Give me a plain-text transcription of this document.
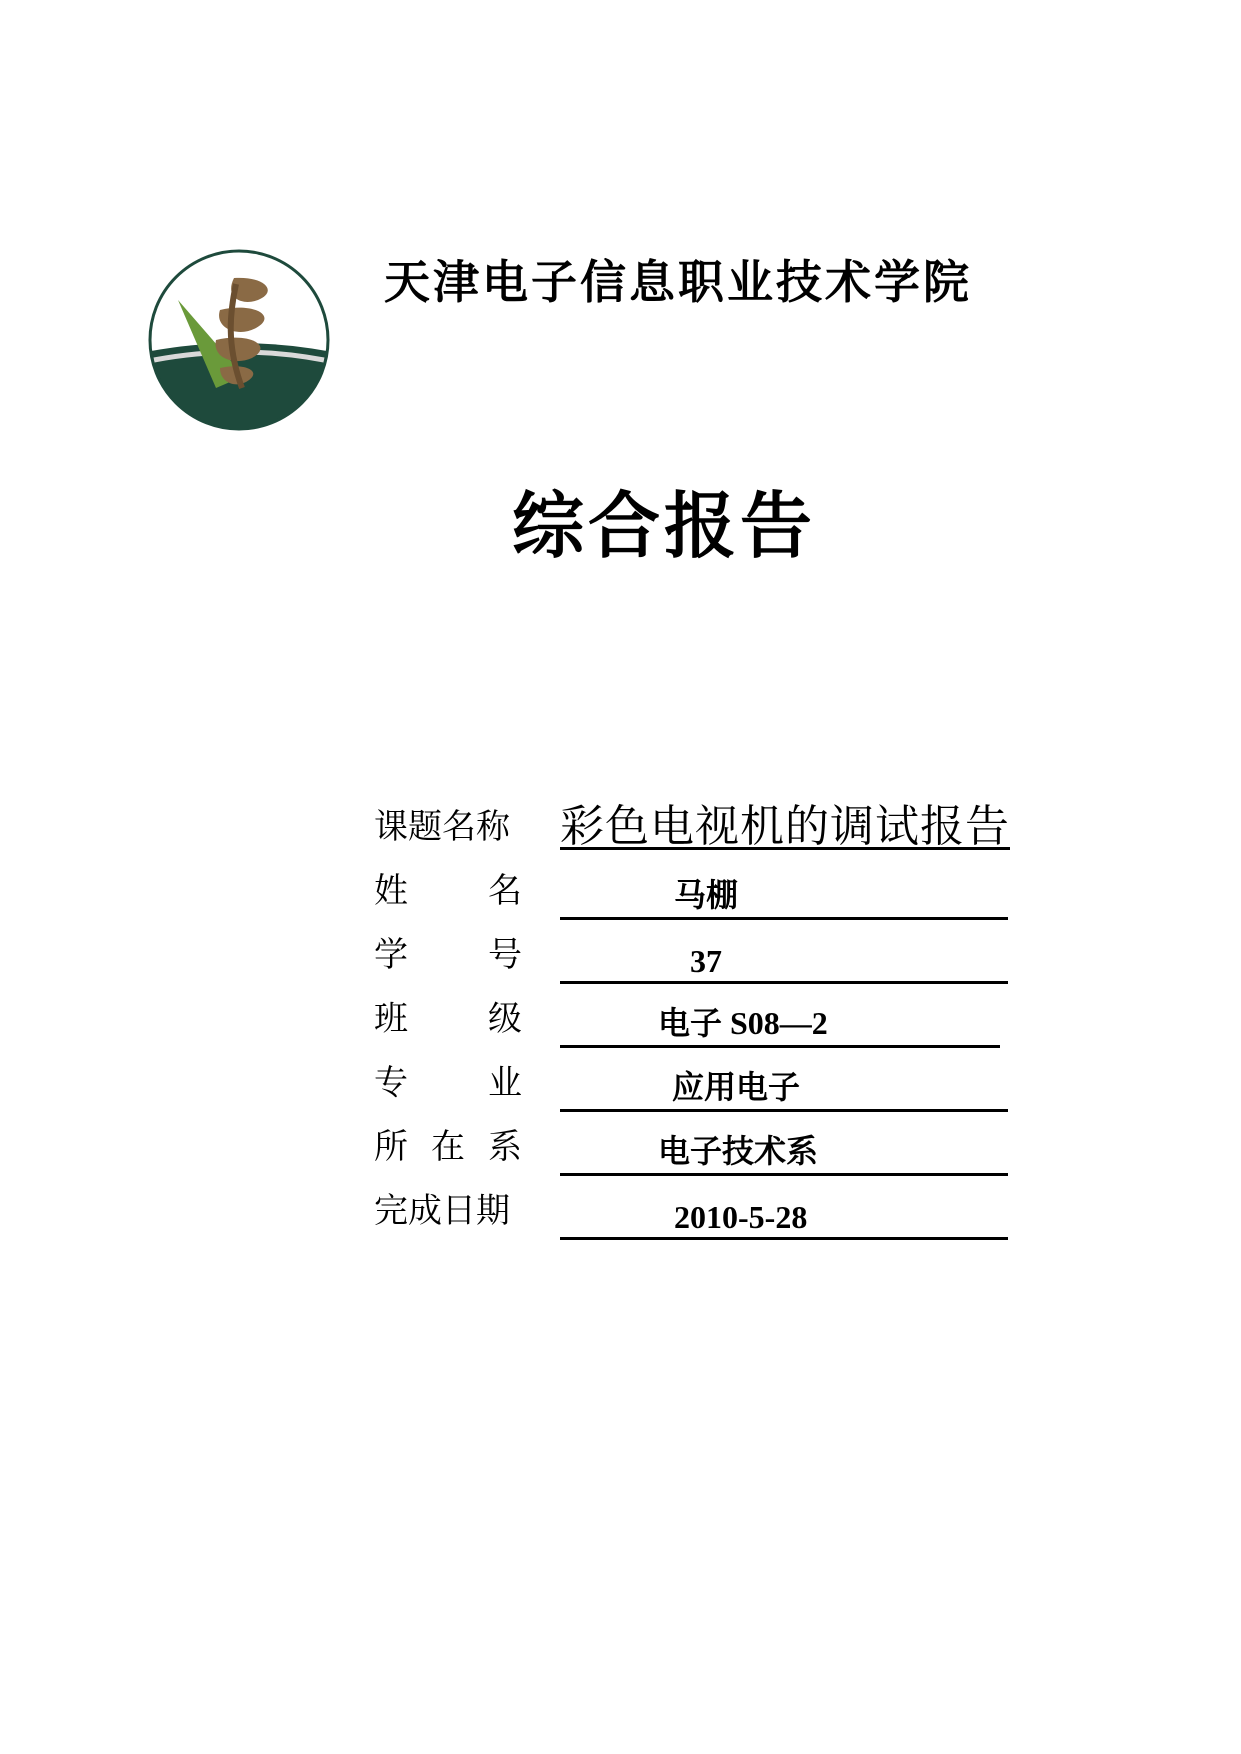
天津电子信息职业技术学院
综合报告
课题名称 彩色电视机的调试报告
姓 名	马棚
学 号	37
班 级	电子 S08—2
专 业	应用电子
所 在 系	电子技术系
完成日期	2010-5-28
